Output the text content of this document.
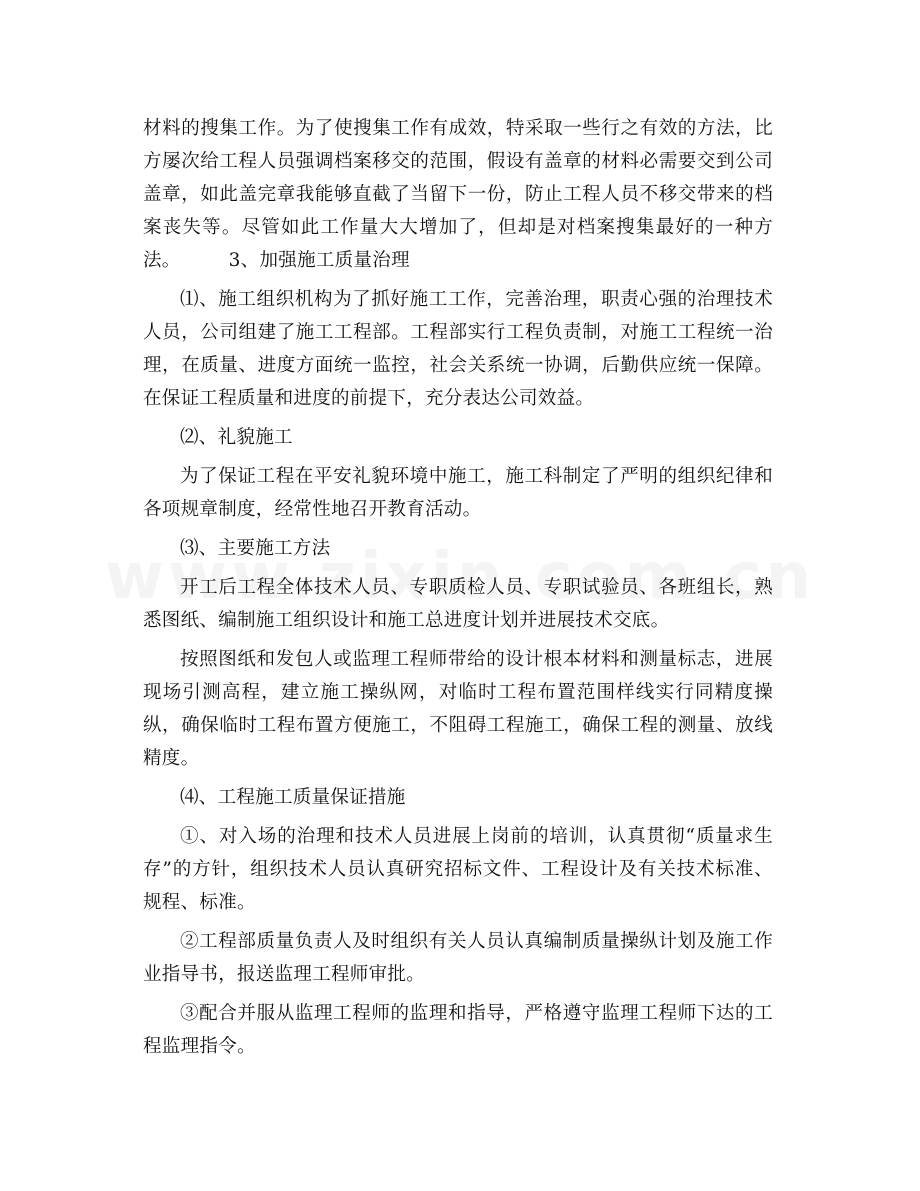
材料的搜集工作。为了使搜集工作有成效，特采取一些行之有效的方法，比方屡次给工程人员强调档案移交的范围，假设有盖章的材料必需要交到公司盖章，如此盖完章我能够直截了当留下一份，防止工程人员不移交带来的档案丧失等。尽管如此工作量大大增加了，但却是对档案搜集最好的一种方法。	3、加强施工质量治理

⑴、施工组织机构为了抓好施工工作，完善治理，职责心强的治理技术人员，公司组建了施工工程部。工程部实行工程负责制，对施工工程统一治理，在质量、进度方面统一监控，社会关系统一协调，后勤供应统一保障。在保证工程质量和进度的前提下，充分表达公司效益。

⑵、礼貌施工

为了保证工程在平安礼貌环境中施工，施工科制定了严明的组织纪律和各项规章制度，经常性地召开教育活动。

⑶、主要施工方法

开工后工程全体技术人员、专职质检人员、专职试验员、各班组长，熟悉图纸、编制施工组织设计和施工总进度计划并进展技术交底。

按照图纸和发包人或监理工程师带给的设计根本材料和测量标志，进展现场引测高程，建立施工操纵网，对临时工程布置范围样线实行同精度操纵，确保临时工程布置方便施工，不阻碍工程施工，确保工程的测量、放线精度。

⑷、工程施工质量保证措施

①、对入场的治理和技术人员进展上岗前的培训，认真贯彻“质量求生存”的方针，组织技术人员认真研究招标文件、工程设计及有关技术标准、规程、标准。

②工程部质量负责人及时组织有关人员认真编制质量操纵计划及施工作业指导书，报送监理工程师审批。

③配合并服从监理工程师的监理和指导，严格遵守监理工程师下达的工程监理指令。
